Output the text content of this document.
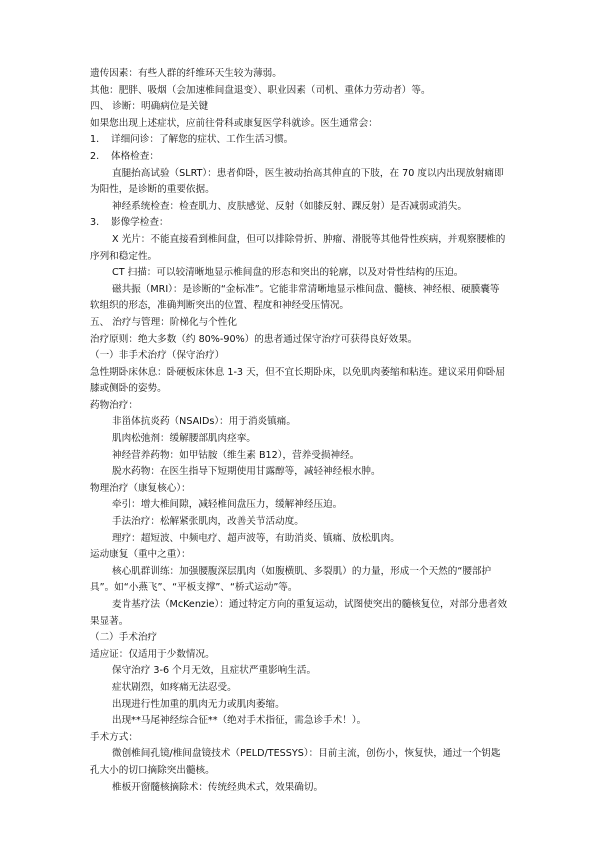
遗传因素：有些人群的纤维环天生较为薄弱。
其他：肥胖、吸烟（会加速椎间盘退变）、职业因素（司机、重体力劳动者）等。
四、 诊断：明确病位是关键
如果您出现上述症状，应前往骨科或康复医学科就诊。医生通常会：
1. 详细问诊：了解您的症状、工作生活习惯。
2. 体格检查：
直腿抬高试验（SLRT）：患者仰卧，医生被动抬高其伸直的下肢，在 70 度以内出现放射痛即为阳性，是诊断的重要依据。
神经系统检查：检查肌力、皮肤感觉、反射（如膝反射、踝反射）是否减弱或消失。
3. 影像学检查：
X 光片：不能直接看到椎间盘，但可以排除骨折、肿瘤、滑脱等其他骨性疾病，并观察腰椎的序列和稳定性。
CT 扫描：可以较清晰地显示椎间盘的形态和突出的轮廓，以及对骨性结构的压迫。
磁共振（MRI）：是诊断的“金标准”。它能非常清晰地显示椎间盘、髓核、神经根、硬膜囊等软组织的形态，准确判断突出的位置、程度和神经受压情况。
五、 治疗与管理：阶梯化与个性化
治疗原则：绝大多数（约 80%-90%）的患者通过保守治疗可获得良好效果。
（一）非手术治疗（保守治疗）
急性期卧床休息：卧硬板床休息 1-3 天，但不宜长期卧床，以免肌肉萎缩和粘连。建议采用仰卧屈膝或侧卧的姿势。
药物治疗：
非甾体抗炎药（NSAIDs）：用于消炎镇痛。
肌肉松弛剂：缓解腰部肌肉痉挛。
神经营养药物：如甲钴胺（维生素 B12），营养受损神经。
脱水药物：在医生指导下短期使用甘露醇等，减轻神经根水肿。
物理治疗（康复核心）：
牵引：增大椎间隙，减轻椎间盘压力，缓解神经压迫。
手法治疗：松解紧张肌肉，改善关节活动度。
理疗：超短波、中频电疗、超声波等，有助消炎、镇痛、放松肌肉。
运动康复（重中之重）：
核心肌群训练：加强腰腹深层肌肉（如腹横肌、多裂肌）的力量，形成一个天然的“腰部护具”。如“小燕飞”、“平板支撑”、“桥式运动”等。
麦肯基疗法（McKenzie）：通过特定方向的重复运动，试图使突出的髓核复位，对部分患者效果显著。
（二）手术治疗
适应证：仅适用于少数情况。
保守治疗 3-6 个月无效，且症状严重影响生活。
症状剧烈，如疼痛无法忍受。
出现进行性加重的肌肉无力或肌肉萎缩。
出现**马尾神经综合征**（绝对手术指征，需急诊手术！）。
手术方式：
微创椎间孔镜/椎间盘镜技术（PELD/TESSYS）：目前主流，创伤小，恢复快，通过一个钥匙孔大小的切口摘除突出髓核。
椎板开窗髓核摘除术：传统经典术式，效果确切。
